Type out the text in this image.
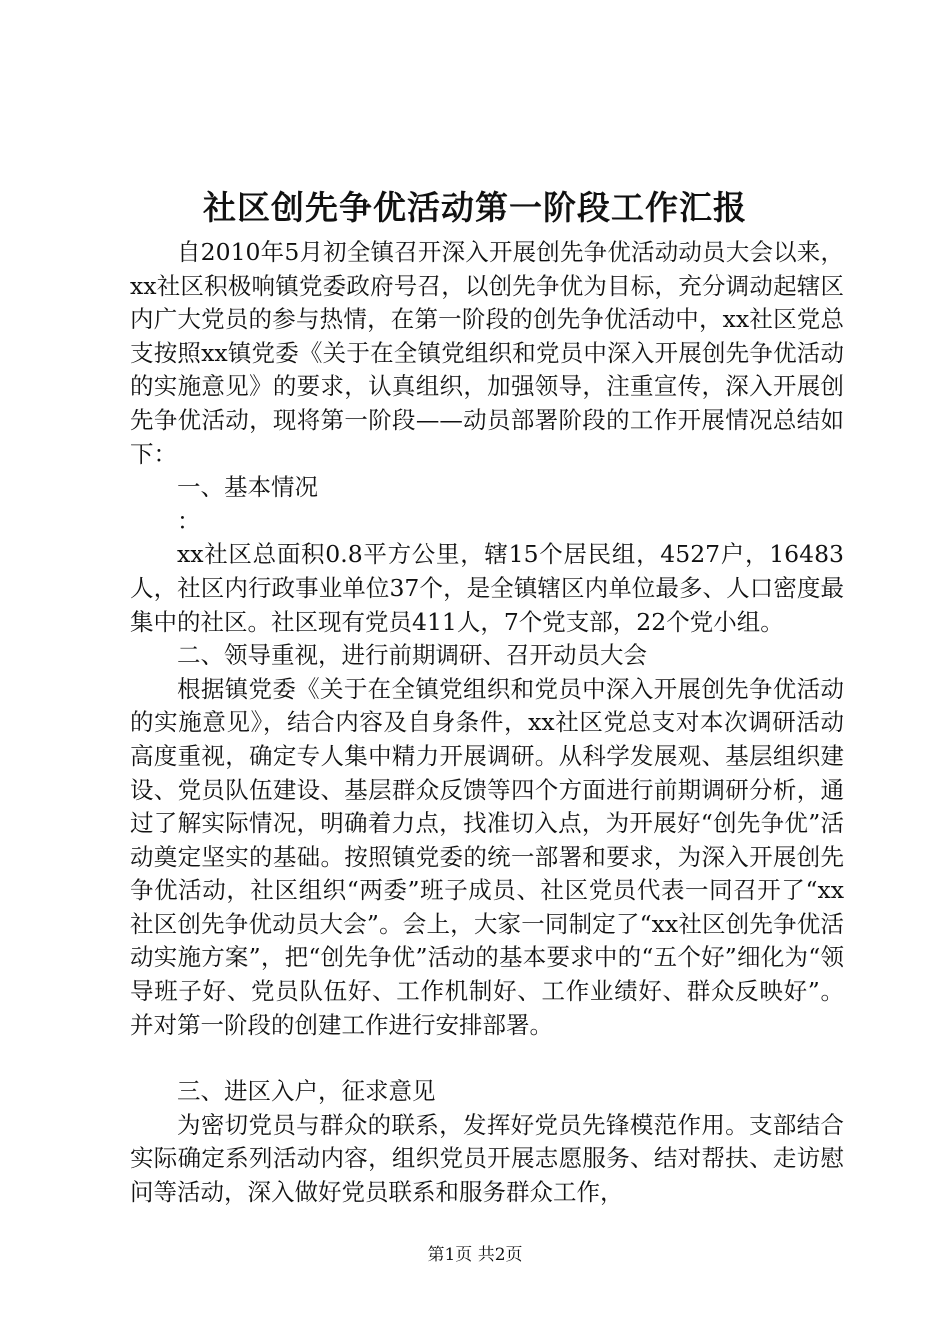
社区创先争优活动第一阶段工作汇报

自2010年5月初全镇召开深入开展创先争优活动动员大会以来，xx社区积极响镇党委政府号召，以创先争优为目标，充分调动起辖区内广大党员的参与热情，在第一阶段的创先争优活动中，xx社区党总支按照xx镇党委《关于在全镇党组织和党员中深入开展创先争优活动的实施意见》的要求，认真组织，加强领导，注重宣传，深入开展创先争优活动，现将第一阶段——动员部署阶段的工作开展情况总结如下：

一、基本情况

：

xx社区总面积0.8平方公里，辖15个居民组，4527户，16483人，社区内行政事业单位37个，是全镇辖区内单位最多、人口密度最集中的社区。社区现有党员411人，7个党支部，22个党小组。

二、领导重视，进行前期调研、召开动员大会

根据镇党委《关于在全镇党组织和党员中深入开展创先争优活动的实施意见》，结合内容及自身条件，xx社区党总支对本次调研活动高度重视，确定专人集中精力开展调研。从科学发展观、基层组织建设、党员队伍建设、基层群众反馈等四个方面进行前期调研分析，通过了解实际情况，明确着力点，找准切入点，为开展好“创先争优”活动奠定坚实的基础。按照镇党委的统一部署和要求，为深入开展创先争优活动，社区组织“两委”班子成员、社区党员代表一同召开了“xx社区创先争优动员大会”。会上，大家一同制定了“xx社区创先争优活动实施方案”，把“创先争优”活动的基本要求中的“五个好”细化为“领导班子好、党员队伍好、工作机制好、工作业绩好、群众反映好”。并对第一阶段的创建工作进行安排部署。

三、进区入户，征求意见

为密切党员与群众的联系，发挥好党员先锋模范作用。支部结合实际确定系列活动内容，组织党员开展志愿服务、结对帮扶、走访慰问等活动，深入做好党员联系和服务群众工作，

第1页 共2页
